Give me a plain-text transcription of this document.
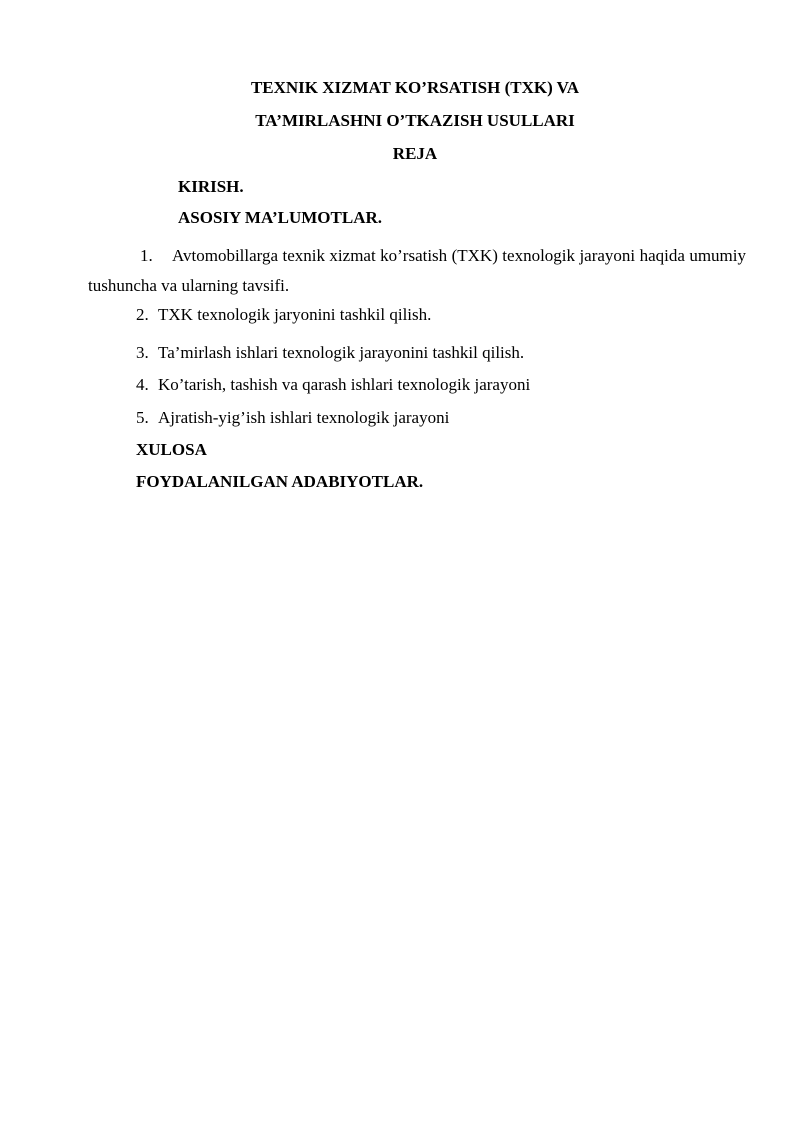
TEXNIK XIZMAT KO’RSATISH (TXK) VA
TA’MIRLASHNI O’TKAZISH USULLARI
REJA
KIRISH.
ASOSIY MA’LUMOTLAR.
1. Avtomobillarga texnik xizmat ko’rsatish (TXK) texnologik jarayoni haqida umumiy tushuncha va ularning tavsifi.
2. TXK texnologik jaryonini tashkil qilish.
3. Ta’mirlash ishlari texnologik jarayonini tashkil qilish.
4. Ko’tarish, tashish va qarash ishlari texnologik jarayoni
5. Ajratish-yig’ish ishlari texnologik jarayoni
XULOSA
FOYDALANILGAN ADABIYOTLAR.
